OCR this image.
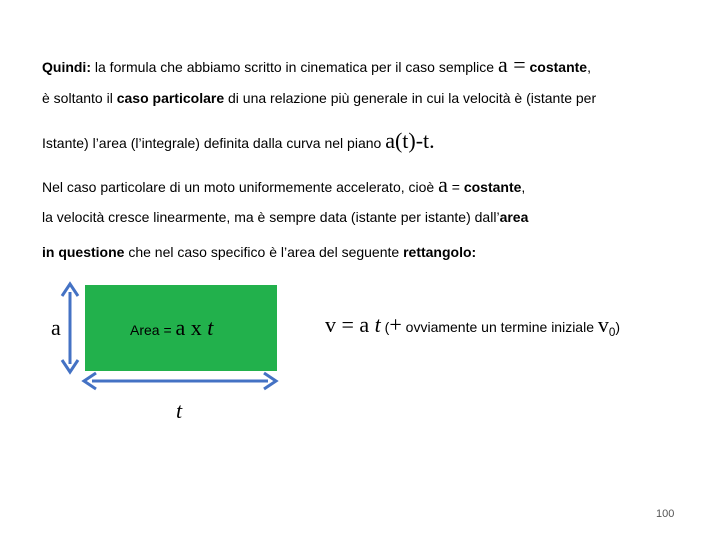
Quindi: la formula che abbiamo scritto in cinematica per il caso semplice a = costante,
è soltanto il caso particolare di una relazione più generale in cui la velocità è (istante per
Istante) l’area (l’integrale) definita dalla curva nel piano a(t)-t.
Nel caso particolare di un moto uniformemente accelerato, cioè a = costante,
la velocità cresce linearmente, ma è sempre data (istante per istante) dall’area
in questione che nel caso specifico è l’area del seguente rettangolo:
Area = a x t
a
t
v = a t (+ ovviamente un termine iniziale $v_0$)
100
